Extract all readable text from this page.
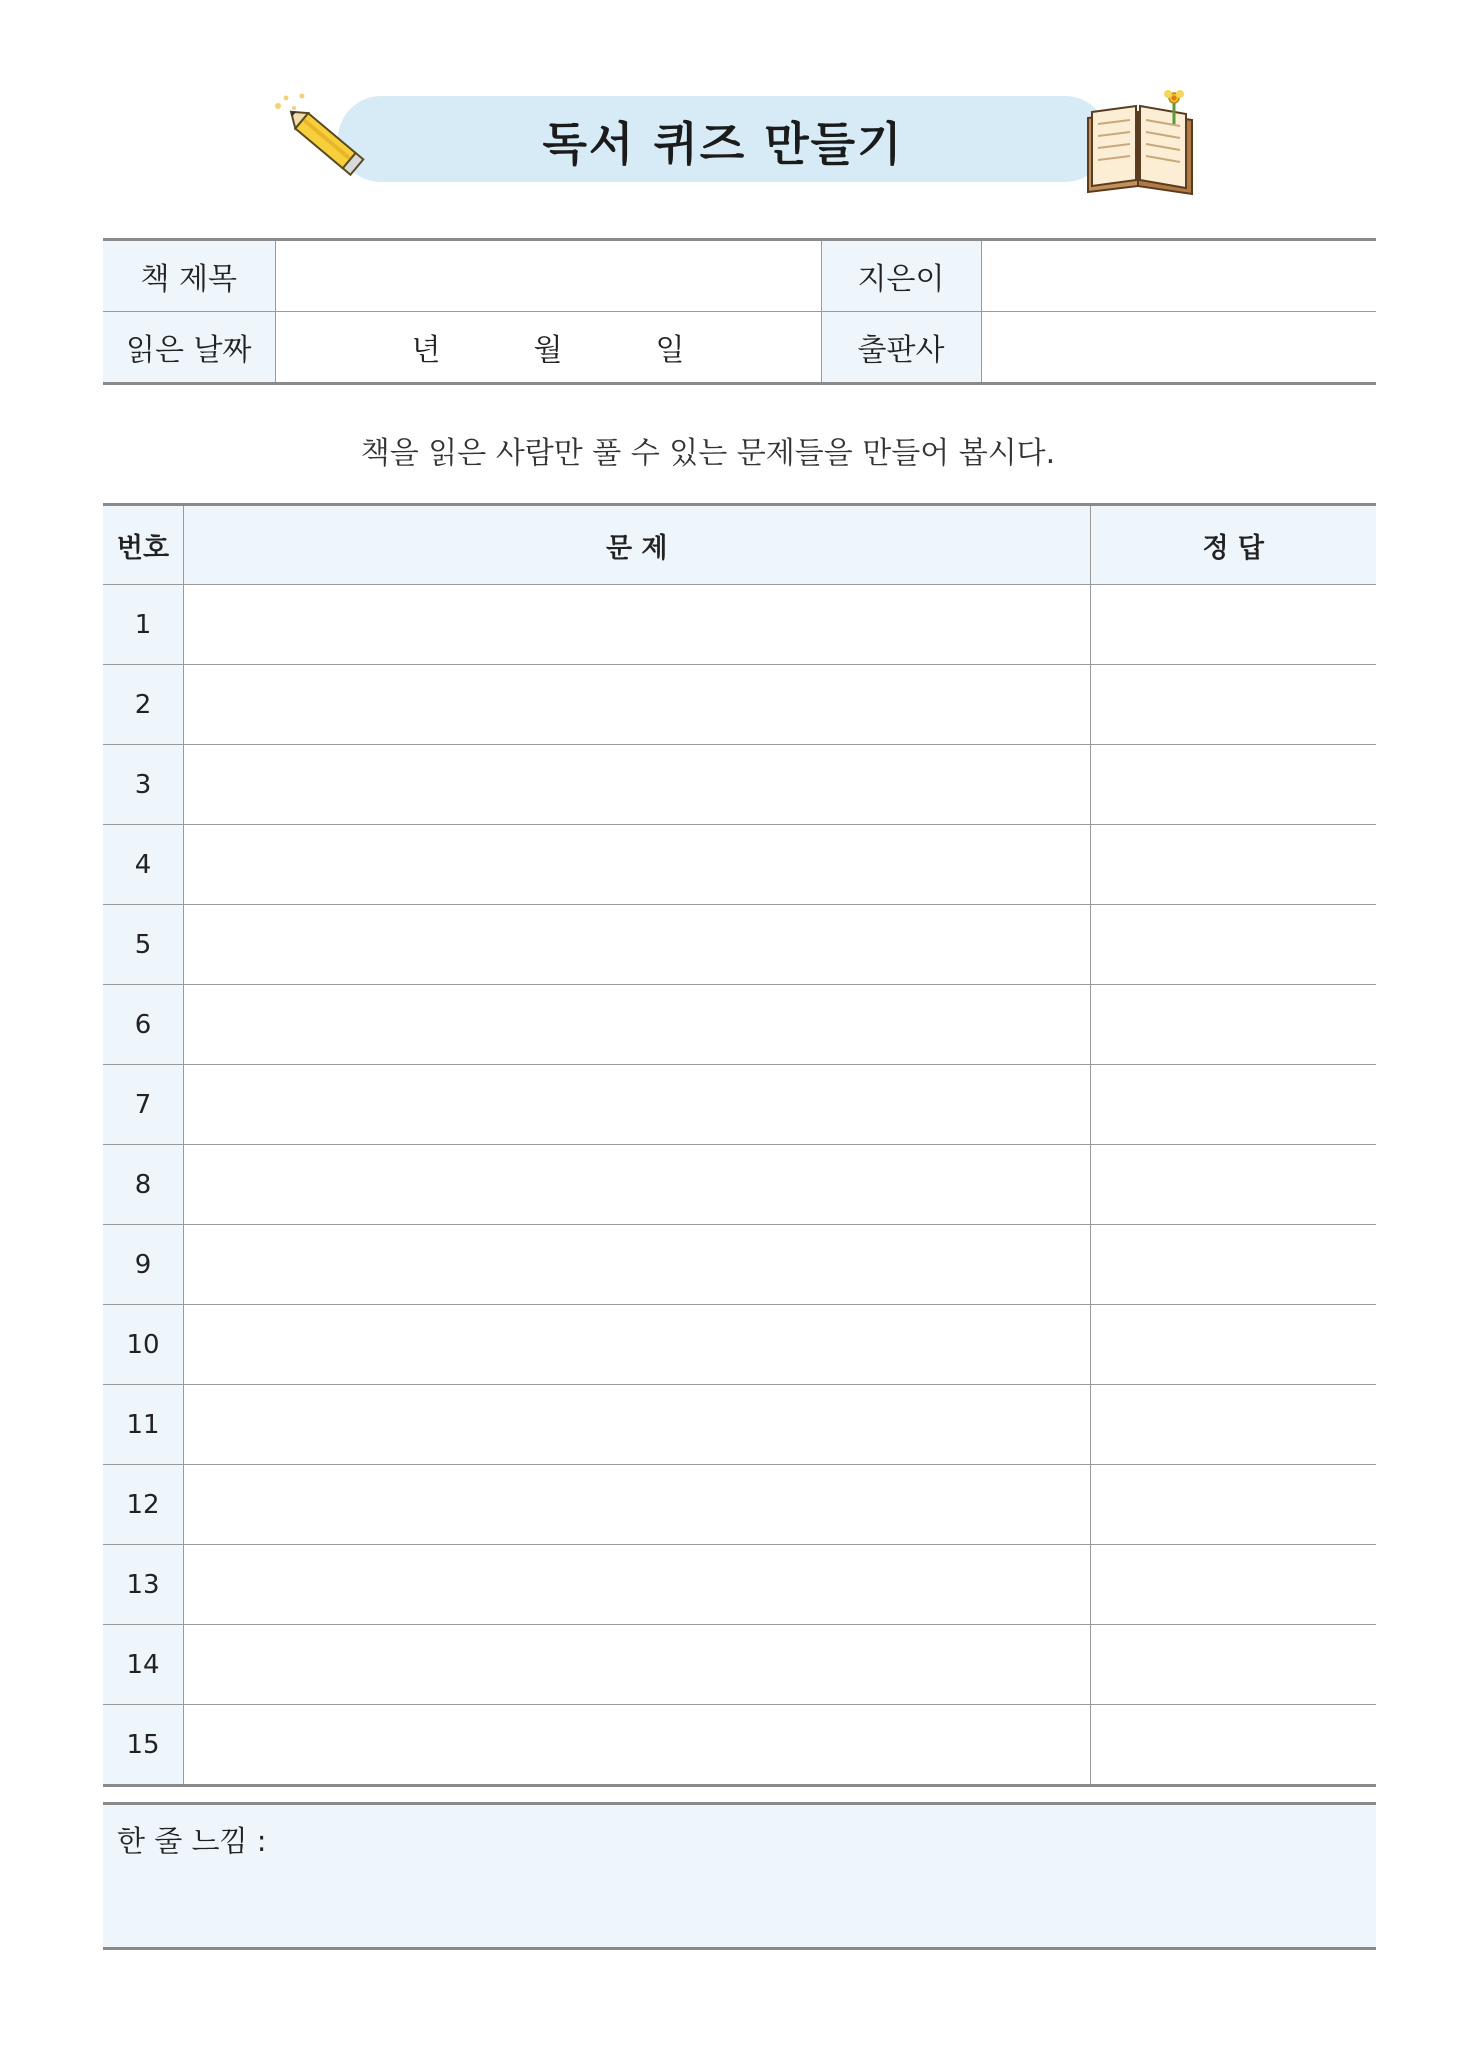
독서 퀴즈 만들기
책 제목		지은이	
읽은 날짜	년 월 일	출판사	
책을 읽은 사람만 풀 수 있는 문제들을 만들어 봅시다.
번호	문 제	정 답
1		
2		
3		
4		
5		
6		
7		
8		
9		
10		
11		
12		
13		
14		
15		
한 줄 느낌 :
